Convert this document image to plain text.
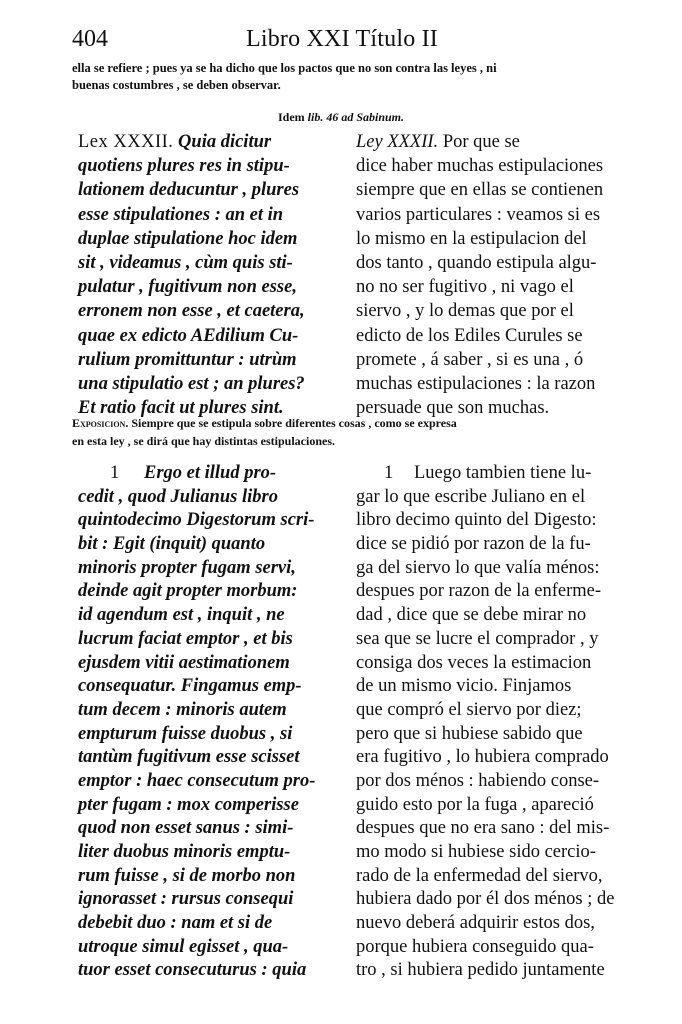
404	Libro XXI Título II
ella se refiere ; pues ya se ha dicho que los pactos que no son contra las leyes , ni
buenas costumbres , se deben observar.
Idem lib. 46 ad Sabinum.
Lex XXXII. Quia dicitur
quotiens plures res in stipu-
lationem deducuntur , plures
esse stipulationes : an et in
duplae stipulatione hoc idem
sit , videamus , cùm quis sti-
pulatur , fugitivum non esse,
erronem non esse , et caetera,
quae ex edicto AEdilium Cu-
rulium promittuntur : utrùm
una stipulatio est ; an plures?
Et ratio facit ut plures sint.
Ley XXXII. Por que se
dice haber muchas estipulaciones
siempre que en ellas se contienen
varios particulares : veamos si es
lo mismo en la estipulacion del
dos tanto , quando estipula algu-
no no ser fugitivo , ni vago el
siervo , y lo demas que por el
edicto de los Ediles Curules se
promete , á saber , si es una , ó
muchas estipulaciones : la razon
persuade que son muchas.
Exposicion. Siempre que se estipula sobre diferentes cosas , como se expresa
en esta ley , se dirá que hay distintas estipulaciones.
1 Ergo et illud pro-
cedit , quod Julianus libro
quintodecimo Digestorum scri-
bit : Egit (inquit) quanto
minoris propter fugam servi,
deinde agit propter morbum:
id agendum est , inquit , ne
lucrum faciat emptor , et bis
ejusdem vitii aestimationem
consequatur. Fingamus emp-
tum decem : minoris autem
empturum fuisse duobus , si
tantùm fugitivum esse scisset
emptor : haec consecutum pro-
pter fugam : mox comperisse
quod non esset sanus : simi-
liter duobus minoris emptu-
rum fuisse , si de morbo non
ignorasset : rursus consequi
debebit duo : nam et si de
utroque simul egisset , qua-
tuor esset consecuturus : quia
1 Luego tambien tiene lu-
gar lo que escribe Juliano en el
libro decimo quinto del Digesto:
dice se pidió por razon de la fu-
ga del siervo lo que valía ménos:
despues por razon de la enferme-
dad , dice que se debe mirar no
sea que se lucre el comprador , y
consiga dos veces la estimacion
de un mismo vicio. Finjamos
que compró el siervo por diez;
pero que si hubiese sabido que
era fugitivo , lo hubiera comprado
por dos ménos : habiendo conse-
guido esto por la fuga , apareció
despues que no era sano : del mis-
mo modo si hubiese sido cercio-
rado de la enfermedad del siervo,
hubiera dado por él dos ménos ; de
nuevo deberá adquirir estos dos,
porque hubiera conseguido qua-
tro , si hubiera pedido juntamente
